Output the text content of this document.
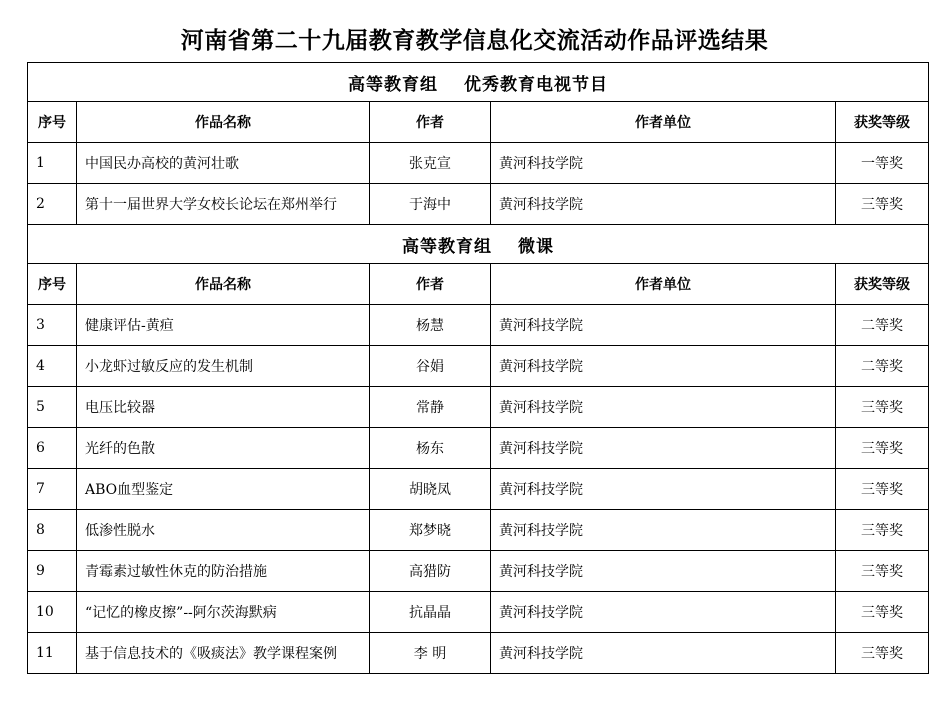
河南省第二十九届教育教学信息化交流活动作品评选结果
高等教育组 优秀教育电视节目				
序号	作品名称	作者	作者单位	获奖等级
1	中国民办高校的黄河壮歌	张克宣	黄河科技学院	一等奖
2	第十一届世界大学女校长论坛在郑州举行	于海中	黄河科技学院	三等奖
高等教育组 微课				
序号	作品名称	作者	作者单位	获奖等级
3	健康评估-黄疸	杨慧	黄河科技学院	二等奖
4	小龙虾过敏反应的发生机制	谷娟	黄河科技学院	二等奖
5	电压比较器	常静	黄河科技学院	三等奖
6	光纤的色散	杨东	黄河科技学院	三等奖
7	ABO血型鉴定	胡晓凤	黄河科技学院	三等奖
8	低渗性脱水	郑梦晓	黄河科技学院	三等奖
9	青霉素过敏性休克的防治措施	高猎防	黄河科技学院	三等奖
10	“记忆的橡皮擦”--阿尔茨海默病	抗晶晶	黄河科技学院	三等奖
11	基于信息技术的《吸痰法》教学课程案例	李 明	黄河科技学院	三等奖
